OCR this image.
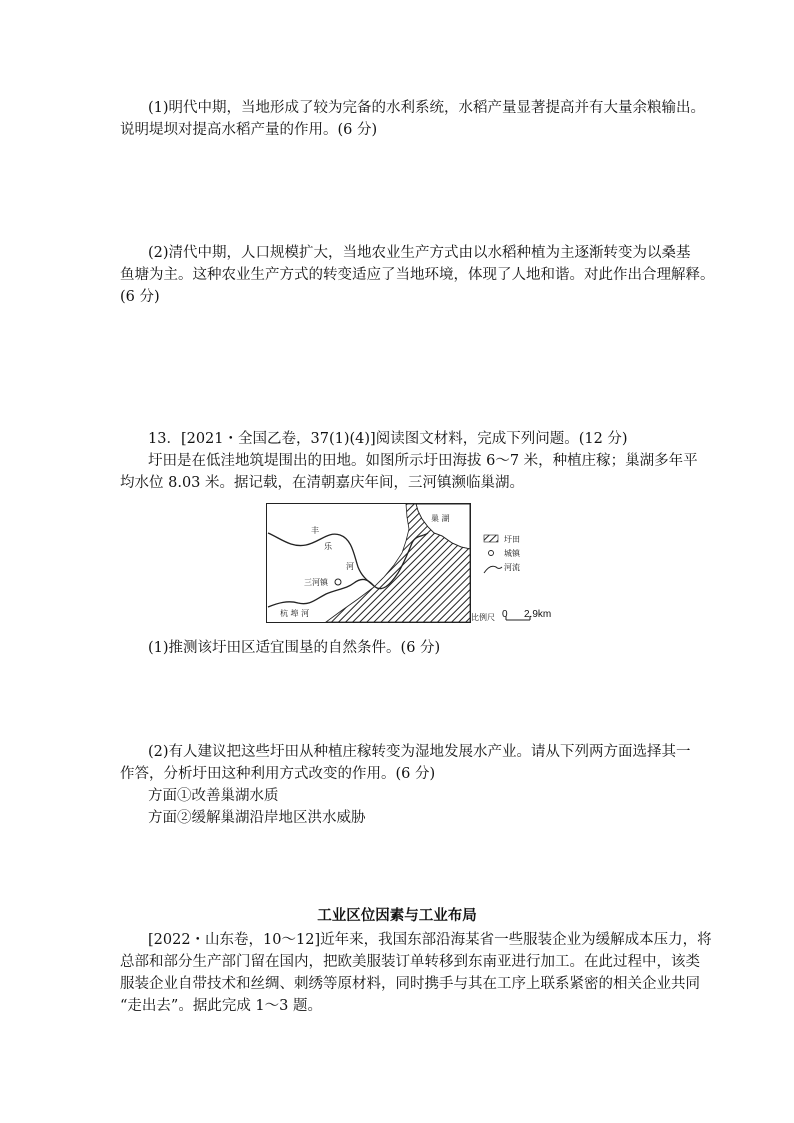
(1)明代中期，当地形成了较为完备的水利系统，水稻产量显著提高并有大量余粮输出。
说明堤坝对提高水稻产量的作用。(6 分)
(2)清代中期，人口规模扩大，当地农业生产方式由以水稻种植为主逐渐转变为以桑基
鱼塘为主。这种农业生产方式的转变适应了当地环境，体现了人地和谐。对此作出合理解释。
(6 分)
13．[2021・全国乙卷，37(1)(4)]阅读图文材料，完成下列问题。(12 分)
圩田是在低洼地筑堤围出的田地。如图所示圩田海拔 6～7 米，种植庄稼；巢湖多年平
均水位 8.03 米。据记载，在清朝嘉庆年间，三河镇濒临巢湖。
丰
乐
河
杭 埠 河
巢 湖
三河镇
圩田
城镇
河流
比例尺 0 2.9km
(1)推测该圩田区适宜围垦的自然条件。(6 分)
(2)有人建议把这些圩田从种植庄稼转变为湿地发展水产业。请从下列两方面选择其一
作答，分析圩田这种利用方式改变的作用。(6 分)
方面①改善巢湖水质
方面②缓解巢湖沿岸地区洪水威胁
工业区位因素与工业布局
[2022・山东卷，10～12]近年来，我国东部沿海某省一些服装企业为缓解成本压力，将
总部和部分生产部门留在国内，把欧美服装订单转移到东南亚进行加工。在此过程中，该类
服装企业自带技术和丝绸、刺绣等原材料，同时携手与其在工序上联系紧密的相关企业共同
“走出去”。据此完成 1～3 题。
